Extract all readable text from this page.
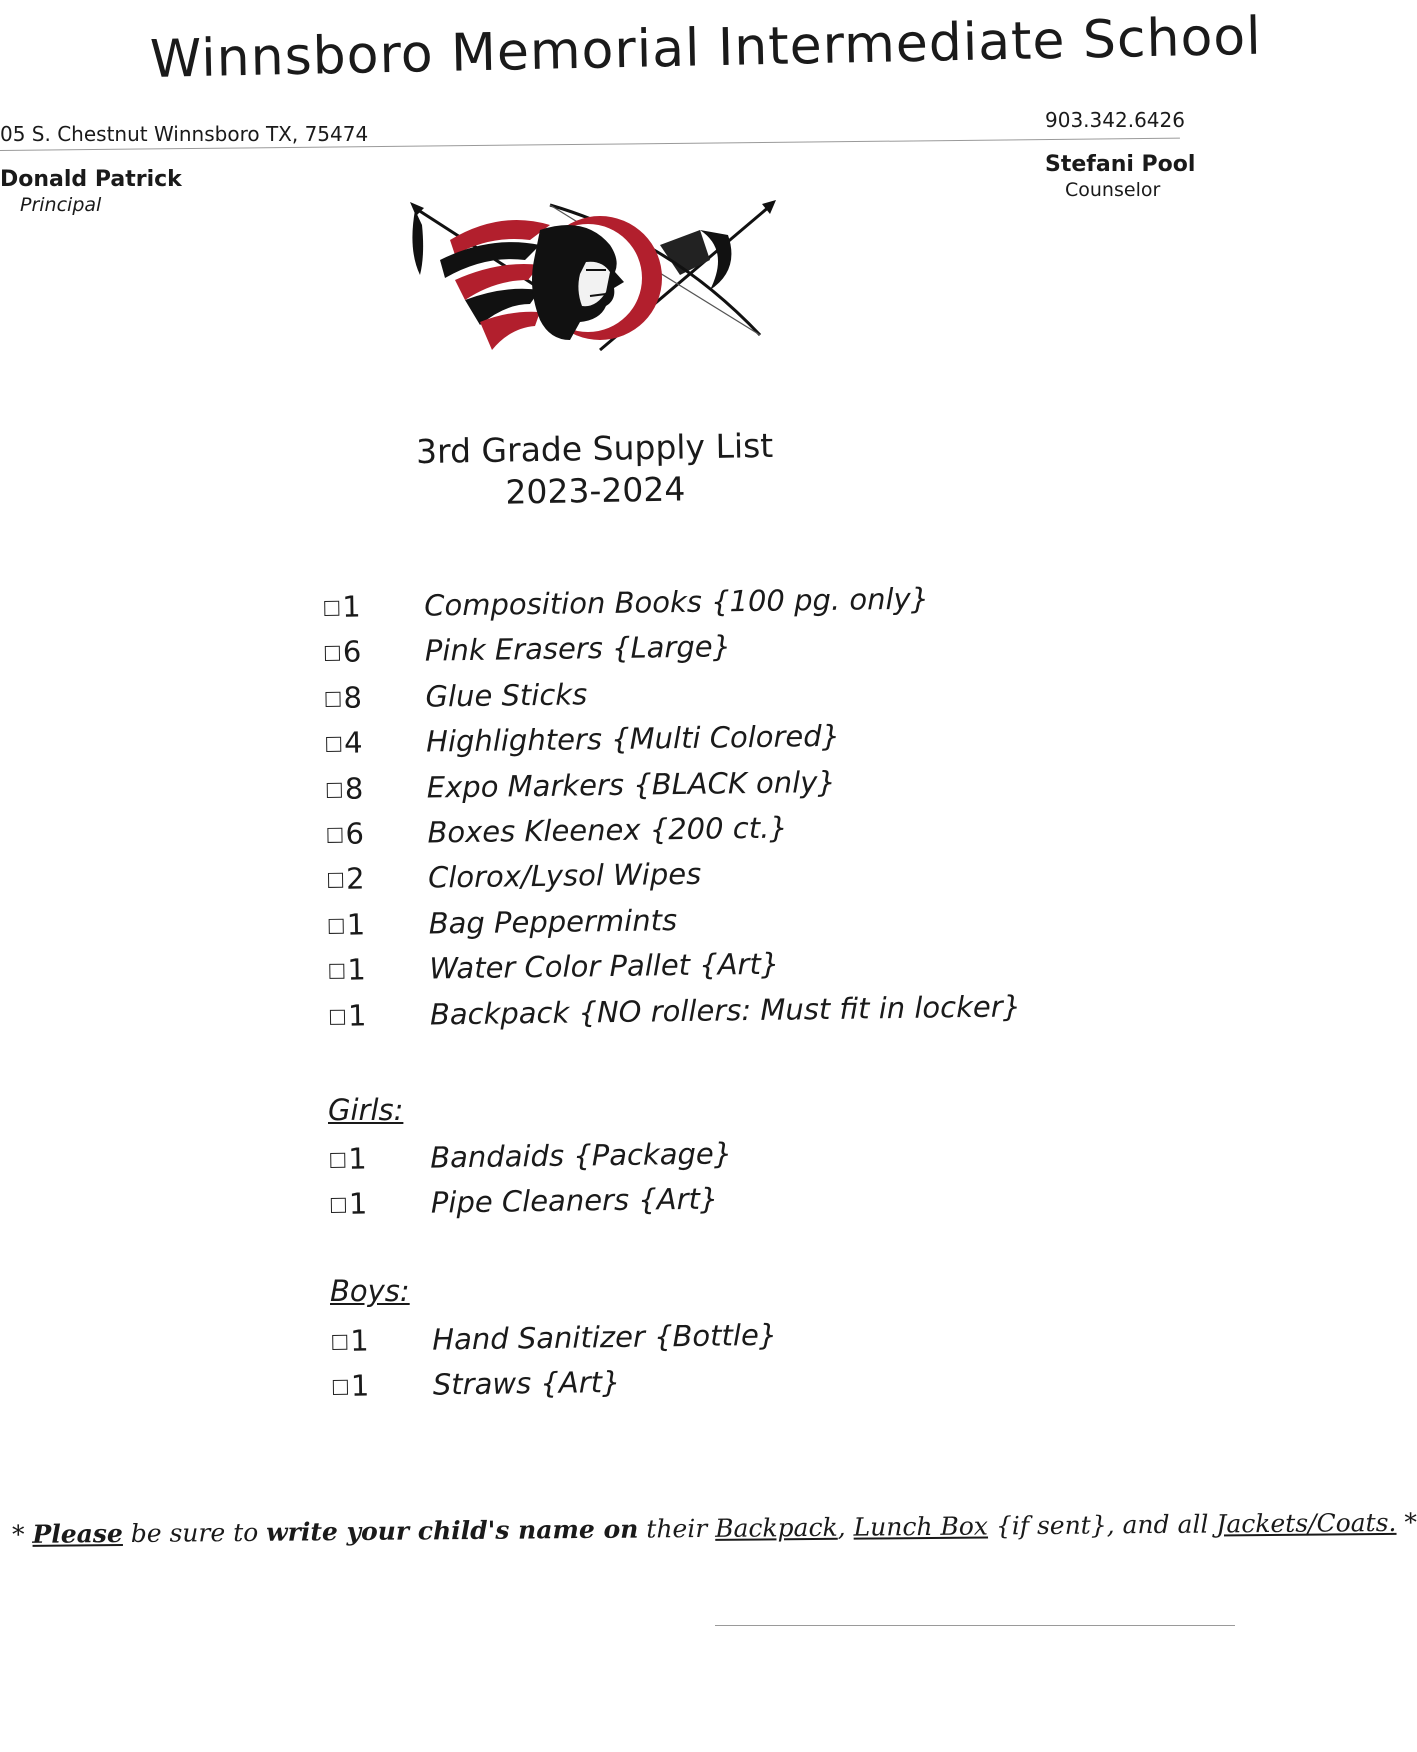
Winnsboro Memorial Intermediate School
05 S. Chestnut Winnsboro TX, 75474
903.342.6426
Donald Patrick
Principal
Stefani Pool
Counselor
3rd Grade Supply List
2023-2024
1 Composition Books {100 pg. only}
6 Pink Erasers {Large}
8 Glue Sticks
4 Highlighters {Multi Colored}
8 Expo Markers {BLACK only}
6 Boxes Kleenex {200 ct.}
2 Clorox/Lysol Wipes
1 Bag Peppermints
1 Water Color Pallet {Art}
1 Backpack {NO rollers: Must fit in locker}
Girls:
1 Bandaids {Package}
1 Pipe Cleaners {Art}
Boys:
1 Hand Sanitizer {Bottle}
1 Straws {Art}
* Please be sure to write your child's name on their Backpack, Lunch Box {if sent}, and all Jackets/Coats. *
